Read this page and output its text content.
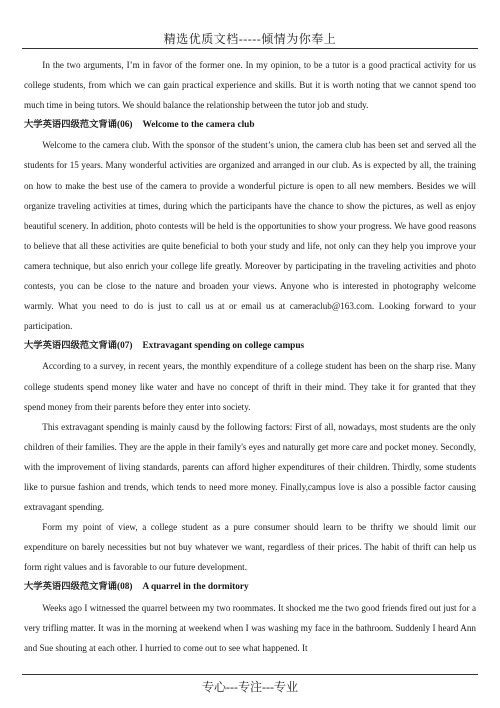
精选优质文档-----倾情为你奉上

In the two arguments, I’m in favor of the former one. In my opinion, to be a tutor is a good practical activity for us college students, from which we can gain practical experience and skills. But it is worth noting that we cannot spend too much time in being tutors. We should balance the relationship between the tutor job and study.

大学英语四级范文背诵(06) Welcome to the camera club

Welcome to the camera club. With the sponsor of the student’s union, the camera club has been set and served all the students for 15 years. Many wonderful activities are organized and arranged in our club. As is expected by all, the training on how to make the best use of the camera to provide a wonderful picture is open to all new members. Besides we will organize traveling activities at times, during which the participants have the chance to show the pictures, as well as enjoy beautiful scenery. In addition, photo contests will be held is the opportunities to show your progress. We have good reasons to believe that all these activities are quite beneficial to both your study and life, not only can they help you improve your camera technique, but also enrich your college life greatly. Moreover by participating in the traveling activities and photo contests, you can be close to the nature and broaden your views. Anyone who is interested in photography welcome warmly. What you need to do is just to call us at or email us at cameraclub@163.com. Looking forward to your participation.

大学英语四级范文背诵(07) Extravagant spending on college campus

According to a survey, in recent years, the monthly expenditure of a college student has been on the sharp rise. Many college students spend money like water and have no concept of thrift in their mind. They take it for granted that they spend money from their parents before they enter into society.

This extravagant spending is mainly causd by the following factors: First of all, nowadays, most students are the only children of their families. They are the apple in their family's eyes and naturally get more care and pocket money. Secondly, with the improvement of living standards, parents can afford higher expenditures of their children. Thirdly, some students like to pursue fashion and trends, which tends to need more money. Finally,campus love is also a possible factor causing extravagant spending.

Form my point of view, a college student as a pure consumer should learn to be thrifty we should limit our expenditure on barely necessities but not buy whatever we want, regardless of their prices. The habit of thrift can help us form right values and is favorable to our future development.

大学英语四级范文背诵(08) A quarrel in the dormitory

Weeks ago I witnessed the quarrel between my two roommates. It shocked me the two good friends fired out just for a very trifling matter. It was in the morning at weekend when I was washing my face in the bathroom. Suddenly I heard Ann and Sue shouting at each other. I hurried to come out to see what happened. It

专心---专注---专业
